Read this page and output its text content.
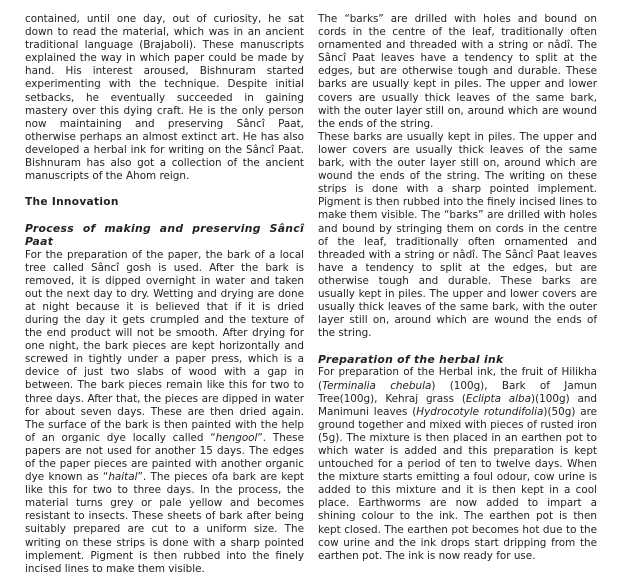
contained, until one day, out of curiosity, he sat down to read the material, which was in an ancient traditional language (Brajaboli). These manuscripts explained the way in which paper could be made by hand. His interest aroused, Bishnuram started experimenting with the technique. Despite initial setbacks, he eventually succeeded in gaining mastery over this dying craft. He is the only person now maintaining and preserving Sâncî Paat, otherwise perhaps an almost extinct art. He has also developed a herbal ink for writing on the Sâncî Paat. Bishnuram has also got a collection of the ancient manuscripts of the Ahom reign.

The Innovation
Process of making and preserving Sâncî Paat

For the preparation of the paper, the bark of a local tree called Sâncî gosh is used. After the bark is removed, it is dipped overnight in water and taken out the next day to dry. Wetting and drying are done at night because it is believed that if it is dried during the day it gets crumpled and the texture of the end product will not be smooth. After drying for one night, the bark pieces are kept horizontally and screwed in tightly under a paper press, which is a device of just two slabs of wood with a gap in between. The bark pieces remain like this for two to three days. After that, the pieces are dipped in water for about seven days. These are then dried again. The surface of the bark is then painted with the help of an organic dye locally called “hengool”. These papers are not used for another 15 days. The edges of the paper pieces are painted with another organic dye known as “haital”. The pieces ofa bark are kept like this for two to three days. In the process, the material turns grey or pale yellow and becomes resistant to insects. These sheets of bark after being suitably prepared are cut to a uniform size. The writing on these strips is done with a sharp pointed implement. Pigment is then rubbed into the finely incised lines to make them visible.

The “barks” are drilled with holes and bound on cords in the centre of the leaf, traditionally often ornamented and threaded with a string or nâdî. The Sâncî Paat leaves have a tendency to split at the edges, but are otherwise tough and durable. These barks are usually kept in piles. The upper and lower covers are usually thick leaves of the same bark, with the outer layer still on, around which are wound the ends of the string.

These barks are usually kept in piles. The upper and lower covers are usually thick leaves of the same bark, with the outer layer still on, around which are wound the ends of the string. The writing on these strips is done with a sharp pointed implement. Pigment is then rubbed into the finely incised lines to make them visible. The “barks” are drilled with holes and bound by stringing them on cords in the centre of the leaf, traditionally often ornamented and threaded with a string or nâdî. The Sâncî Paat leaves have a tendency to split at the edges, but are otherwise tough and durable. These barks are usually kept in piles. The upper and lower covers are usually thick leaves of the same bark, with the outer layer still on, around which are wound the ends of the string.

Preparation of the herbal ink

For preparation of the Herbal ink, the fruit of Hilikha (Terminalia chebula) (100g), Bark of Jamun Tree(100g), Kehraj grass (Eclipta alba)(100g) and Manimuni leaves (Hydrocotyle rotundifolia)(50g) are ground together and mixed with pieces of rusted iron (5g). The mixture is then placed in an earthen pot to which water is added and this preparation is kept untouched for a period of ten to twelve days. When the mixture starts emitting a foul odour, cow urine is added to this mixture and it is then kept in a cool place. Earthworms are now added to impart a shining colour to the ink. The earthen pot is then kept closed. The earthen pot becomes hot due to the cow urine and the ink drops start dripping from the earthen pot. The ink is now ready for use.
